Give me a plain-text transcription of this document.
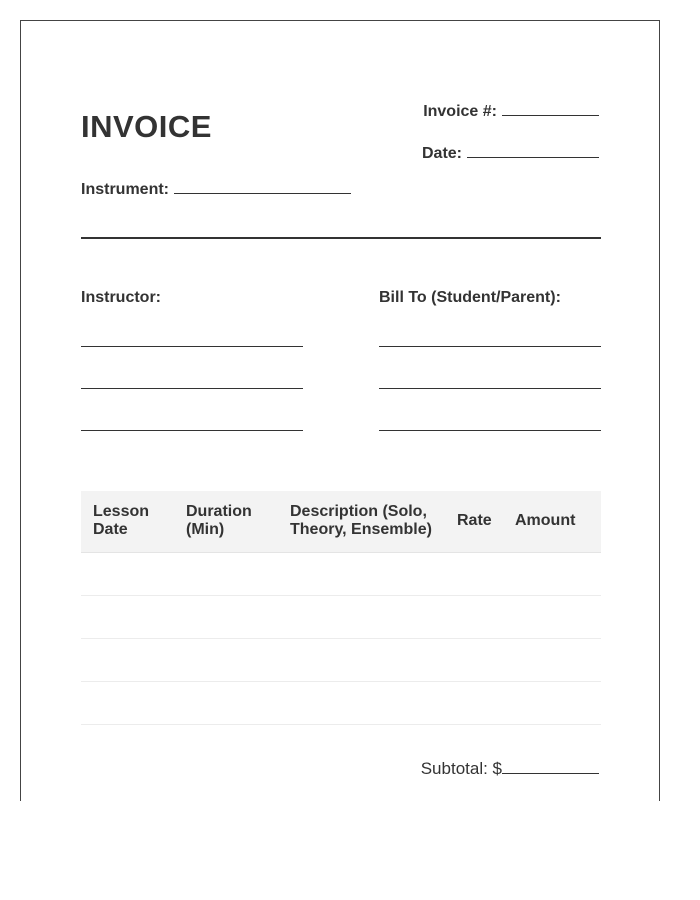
INVOICE	Invoice #:
Date:
Instrument:
Instructor:	Bill To (Student/Parent):
Lesson Date	Duration (Min)	Description (Solo, Theory, Ensemble)	Rate	Amount

Subtotal: $
